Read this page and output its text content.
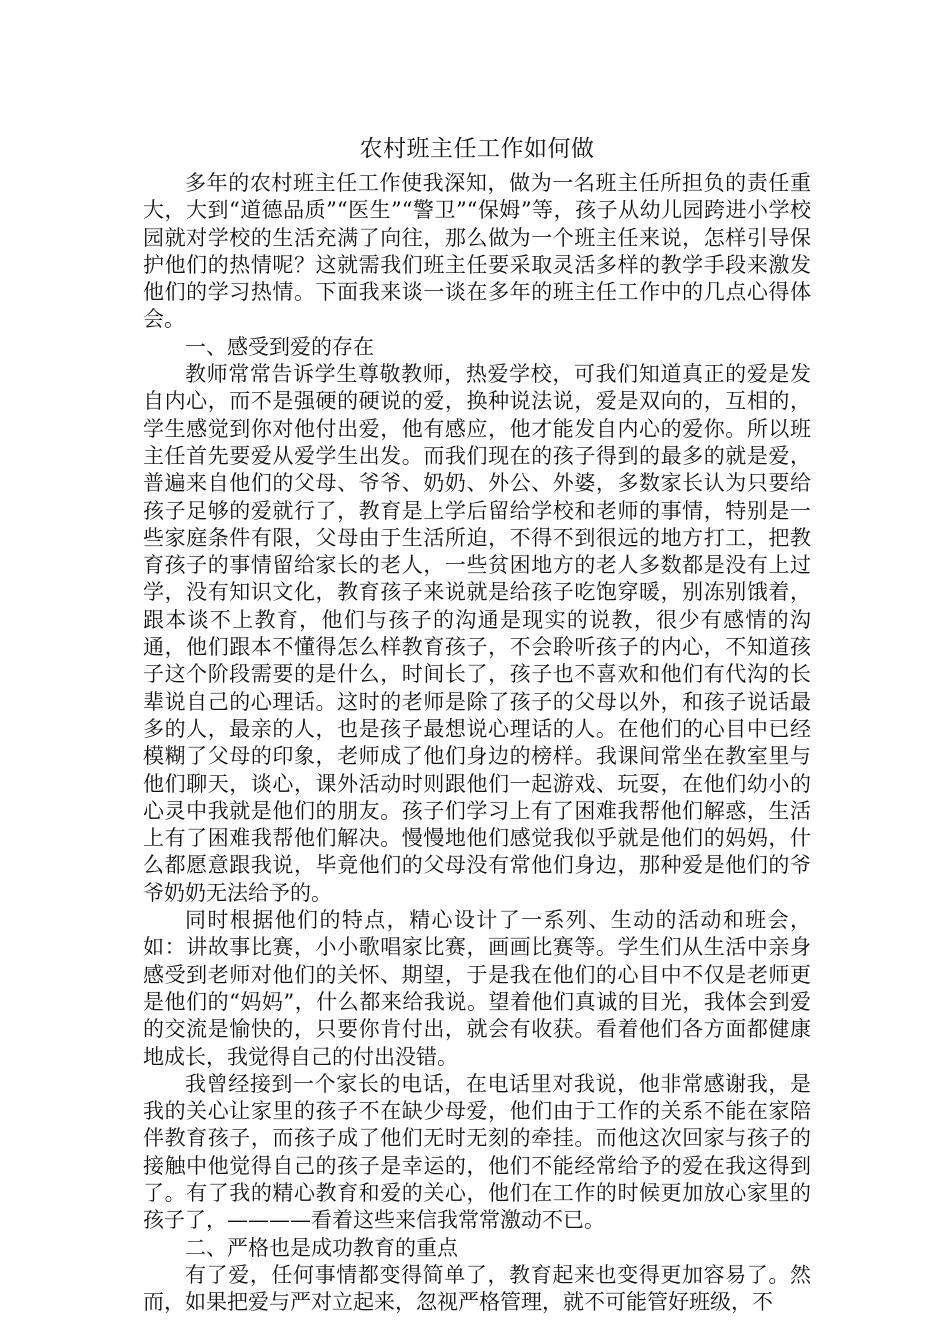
农村班主任工作如何做

多年的农村班主任工作使我深知，做为一名班主任所担负的责任重大，大到“道德品质”“医生”“警卫”“保姆”等，孩子从幼儿园跨进小学校园就对学校的生活充满了向往，那么做为一个班主任来说，怎样引导保护他们的热情呢？这就需我们班主任要采取灵活多样的教学手段来激发他们的学习热情。下面我来谈一谈在多年的班主任工作中的几点心得体会。

一、感受到爱的存在

教师常常告诉学生尊敬教师，热爱学校，可我们知道真正的爱是发自内心，而不是强硬的硬说的爱，换种说法说，爱是双向的，互相的，学生感觉到你对他付出爱，他有感应，他才能发自内心的爱你。所以班主任首先要爱从爱学生出发。而我们现在的孩子得到的最多的就是爱，普遍来自他们的父母、爷爷、奶奶、外公、外婆，多数家长认为只要给孩子足够的爱就行了，教育是上学后留给学校和老师的事情，特别是一些家庭条件有限，父母由于生活所迫，不得不到很远的地方打工，把教育孩子的事情留给家长的老人，一些贫困地方的老人多数都是没有上过学，没有知识文化，教育孩子来说就是给孩子吃饱穿暖，别冻别饿着，跟本谈不上教育，他们与孩子的沟通是现实的说教，很少有感情的沟通，他们跟本不懂得怎么样教育孩子，不会聆听孩子的内心，不知道孩子这个阶段需要的是什么，时间长了，孩子也不喜欢和他们有代沟的长辈说自己的心理话。这时的老师是除了孩子的父母以外，和孩子说话最多的人，最亲的人，也是孩子最想说心理话的人。在他们的心目中已经模糊了父母的印象，老师成了他们身边的榜样。我课间常坐在教室里与他们聊天，谈心，课外活动时则跟他们一起游戏、玩耍，在他们幼小的心灵中我就是他们的朋友。孩子们学习上有了困难我帮他们解惑，生活上有了困难我帮他们解决。慢慢地他们感觉我似乎就是他们的妈妈，什么都愿意跟我说，毕竟他们的父母没有常他们身边，那种爱是他们的爷爷奶奶无法给予的。

同时根据他们的特点，精心设计了一系列、生动的活动和班会，如：讲故事比赛，小小歌唱家比赛，画画比赛等。学生们从生活中亲身感受到老师对他们的关怀、期望，于是我在他们的心目中不仅是老师更是他们的“妈妈”，什么都来给我说。望着他们真诚的目光，我体会到爱的交流是愉快的，只要你肯付出，就会有收获。看着他们各方面都健康地成长，我觉得自己的付出没错。

我曾经接到一个家长的电话，在电话里对我说，他非常感谢我，是我的关心让家里的孩子不在缺少母爱，他们由于工作的关系不能在家陪伴教育孩子，而孩子成了他们无时无刻的牵挂。而他这次回家与孩子的接触中他觉得自己的孩子是幸运的，他们不能经常给予的爱在我这得到了。有了我的精心教育和爱的关心，他们在工作的时候更加放心家里的孩子了，————看着这些来信我常常激动不已。

二、严格也是成功教育的重点

有了爱，任何事情都变得简单了，教育起来也变得更加容易了。然而，如果把爱与严对立起来，忽视严格管理，就不可能管好班级，不
